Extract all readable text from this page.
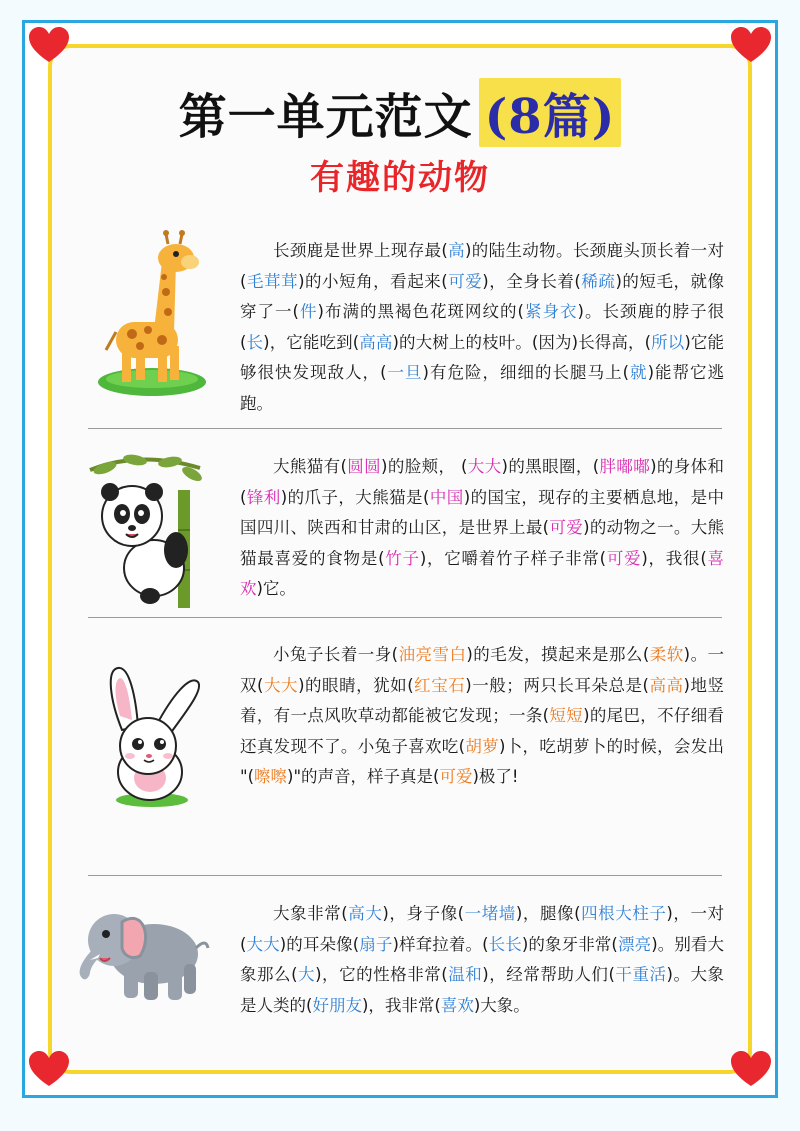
第一单元范文 (8篇)
有趣的动物

长颈鹿是世界上现存最(高)的陆生动物。长颈鹿头顶长着一对(毛茸茸)的小短角，看起来(可爱)，全身长着(稀疏)的短毛，就像穿了一(件)布满的黑褐色花斑网纹的(紧身衣)。长颈鹿的脖子很(长)，它能吃到(高高)的大树上的枝叶。(因为)长得高，(所以)它能够很快发现敌人，(一旦)有危险，细细的长腿马上(就)能帮它逃跑。

大熊猫有(圆圆)的脸颊， (大大)的黑眼圈，(胖嘟嘟)的身体和(锋利)的爪子，大熊猫是(中国)的国宝，现存的主要栖息地，是中国四川、陕西和甘肃的山区，是世界上最(可爱)的动物之一。大熊猫最喜爱的食物是(竹子)，它嚼着竹子样子非常(可爱)，我很(喜欢)它。

小兔子长着一身(油亮雪白)的毛发，摸起来是那么(柔软)。一双(大大)的眼睛，犹如(红宝石)一般；两只长耳朵总是(高高)地竖着，有一点风吹草动都能被它发现；一条(短短)的尾巴，不仔细看还真发现不了。小兔子喜欢吃(胡萝)卜，吃胡萝卜的时候，会发出 "(嚓嚓)"的声音，样子真是(可爱)极了!

大象非常(高大)，身子像(一堵墙)，腿像(四根大柱子)，一对(大大)的耳朵像(扇子)样耷拉着。(长长)的象牙非常(漂亮)。别看大象那么(大)，它的性格非常(温和)，经常帮助人们(干重活)。大象是人类的(好朋友)，我非常(喜欢)大象。
